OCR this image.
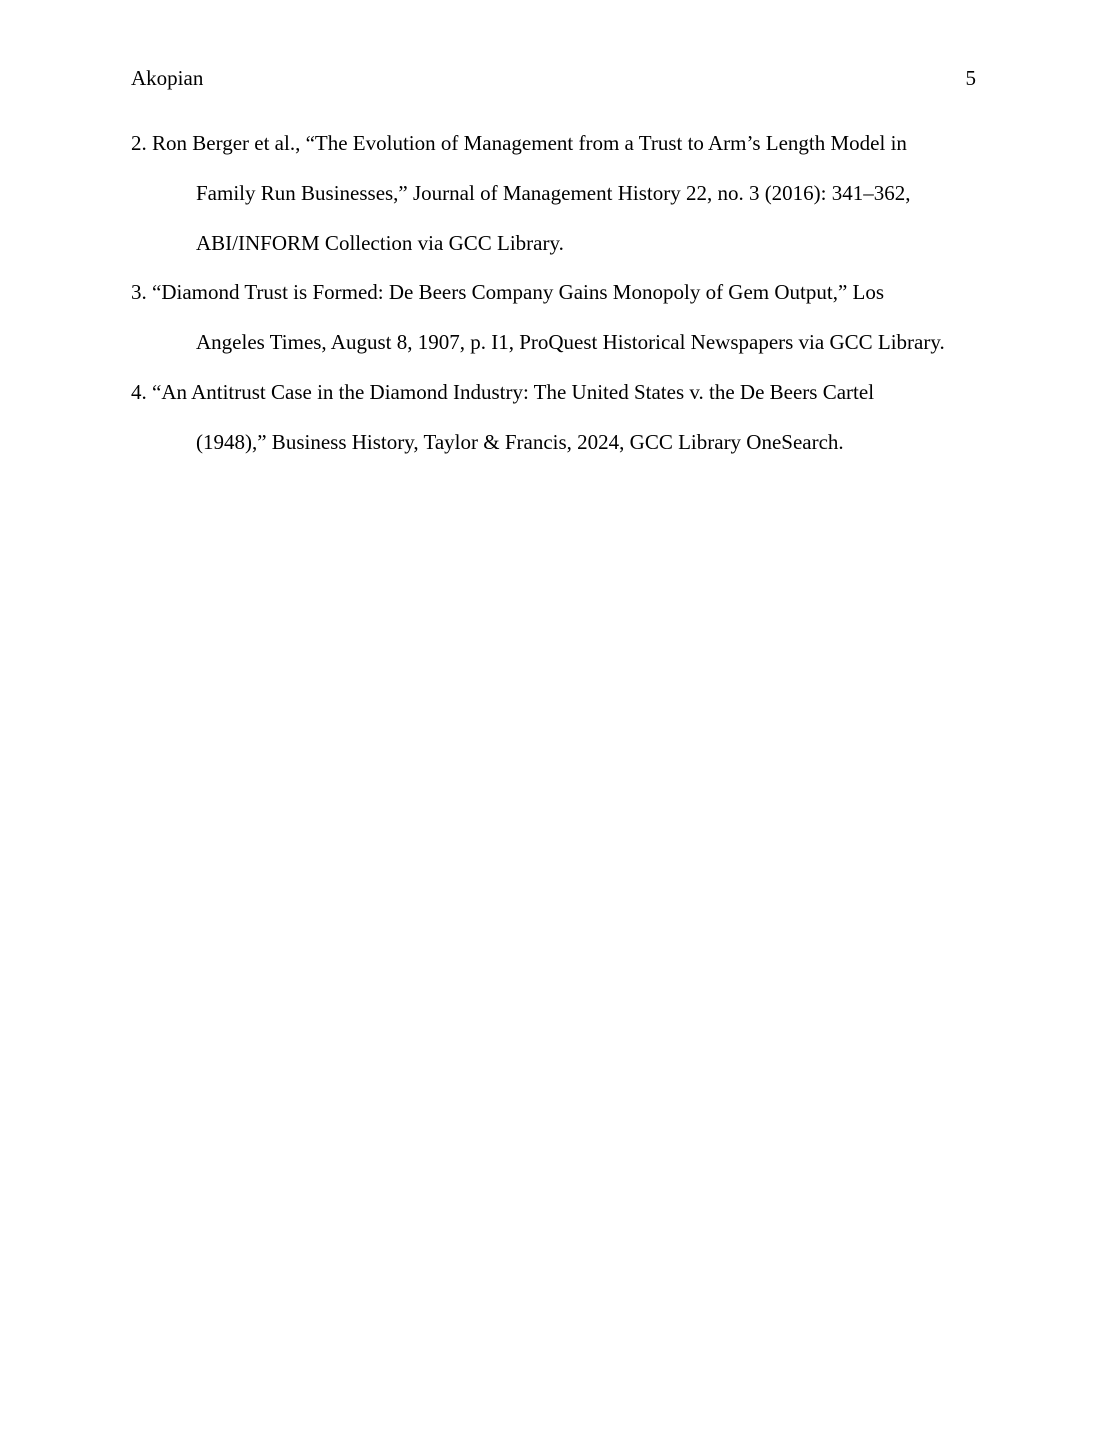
Akopian	5
2. Ron Berger et al., “The Evolution of Management from a Trust to Arm’s Length Model in
Family Run Businesses,” Journal of Management History 22, no. 3 (2016): 341–362,
ABI/INFORM Collection via GCC Library.
3. “Diamond Trust is Formed: De Beers Company Gains Monopoly of Gem Output,” Los
Angeles Times, August 8, 1907, p. I1, ProQuest Historical Newspapers via GCC Library.
4. “An Antitrust Case in the Diamond Industry: The United States v. the De Beers Cartel
(1948),” Business History, Taylor & Francis, 2024, GCC Library OneSearch.
